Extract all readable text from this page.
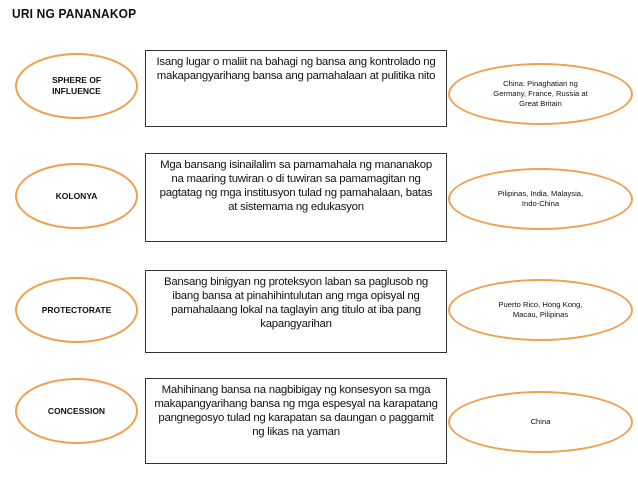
URI NG PANANAKOP
SPHERE OF
INFLUENCE
Isang lugar o maliit na bahagi ng bansa ang kontrolado ng
makapangyarihang bansa ang pamahalaan at pulitika nito
China: Pinaghatian ng
Germany, France, Russia at
Great Britain
KOLONYA
Mga bansang isinailalim sa pamamahala ng mananakop
na maaring tuwiran o di tuwiran sa pamamagitan ng
pagtatag ng mga institusyon tulad ng pamahalaan, batas
at sistemama ng edukasyon
Pilipinas, India, Malaysia,
Indo-China
PROTECTORATE
Bansang binigyan ng proteksyon laban sa paglusob ng
ibang bansa at pinahihintulutan ang mga opisyal ng
pamahalaang lokal na taglayin ang titulo at iba pang
kapangyarihan
Puerto Rico, Hong Kong,
Macau, Pilipinas
CONCESSION
Mahihinang bansa na nagbibigay ng konsesyon sa mga
makapangyarihang bansa ng mga espesyal na karapatang
pangnegosyo tulad ng karapatan sa daungan o paggamit
ng likas na yaman
China
